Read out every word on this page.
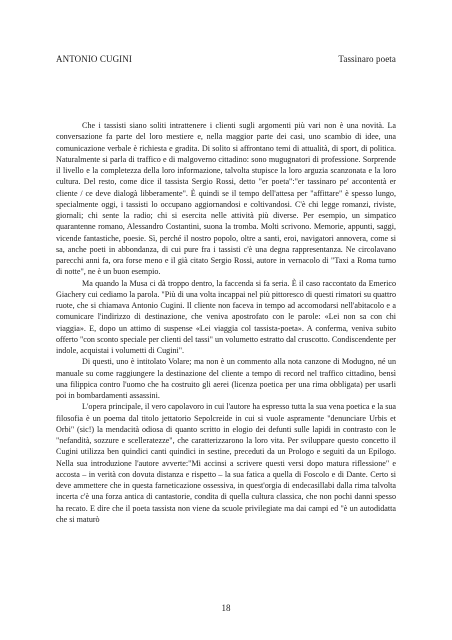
ANTONIO CUGINI	Tassinaro poeta

Che i tassisti siano soliti intrattenere i clienti sugli argomenti più vari non è una novità. La conversazione fa parte del loro mestiere e, nella maggior parte dei casi, uno scambio di idee, una comunicazione verbale è richiesta e gradita. Di solito si affrontano temi di attualità, di sport, di politica. Naturalmente si parla di traffico e di malgoverno cittadino: sono mugugnatori di professione. Sorprende il livello e la completezza della loro informazione, talvolta stupisce la loro arguzia scanzonata e la loro cultura. Del resto, come dice il tassista Sergio Rossi, detto "er poeta":"er tassinaro pe' accontentà er cliente / ce deve dialogà libberamente". È quindi se il tempo dell'attesa per "affittare" è spesso lungo, specialmente oggi, i tassisti lo occupano aggiornandosi e coltivandosi. C'è chi legge romanzi, riviste, giornali; chi sente la radio; chi si esercita nelle attività più diverse. Per esempio, un simpatico quarantenne romano, Alessandro Costantini, suona la tromba. Molti scrivono. Memorie, appunti, saggi, vicende fantastiche, poesie. Sì, perché il nostro popolo, oltre a santi, eroi, navigatori annovera, come si sa, anche poeti in abbondanza, di cui pure fra i tassisti c'è una degna rappresentanza. Ne circolavano parecchi anni fa, ora forse meno e il già citato Sergio Rossi, autore in vernacolo di "Taxi a Roma turno di notte", ne è un buon esempio.

Ma quando la Musa ci dà troppo dentro, la faccenda si fa seria. È il caso raccontato da Emerico Giachery cui cediamo la parola. "Più di una volta incappai nel più pittoresco di questi rimatori su quattro ruote, che si chiamava Antonio Cugini. Il cliente non faceva in tempo ad accomodarsi nell'abitacolo e a comunicare l'indirizzo di destinazione, che veniva apostrofato con le parole: «Lei non sa con chi viaggia». E, dopo un attimo di suspense «Lei viaggia col tassista-poeta». A conferma, veniva subito offerto "con sconto speciale per clienti del tassi" un volumetto estratto dal cruscotto. Condiscendente per indole, acquistai i volumetti di Cugini".

Di questi, uno è intitolato Volare; ma non è un commento alla nota canzone di Modugno, né un manuale su come raggiungere la destinazione del cliente a tempo di record nel traffico cittadino, bensì una filippica contro l'uomo che ha costruito gli aerei (licenza poetica per una rima obbligata) per usarli poi in bombardamenti assassini.

L'opera principale, il vero capolavoro in cui l'autore ha espresso tutta la sua vena poetica e la sua filosofia è un poema dal titolo jettatorio Sepolcreide in cui si vuole aspramente "denunciare Urbis et Orbi" (sic!) la mendacità odiosa di quanto scritto in elogio dei defunti sulle lapidi in contrasto con le "nefandità, sozzure e scelleratezze", che caratterizzarono la loro vita. Per sviluppare questo concetto il Cugini utilizza ben quindici canti quindici in sestine, preceduti da un Prologo e seguiti da un Epilogo. Nella sua introduzione l'autore avverte:"Mi accinsi a scrivere questi versi dopo matura riflessione" e accosta – in verità con dovuta distanza e rispetto – la sua fatica a quella di Foscolo e di Dante. Certo si deve ammettere che in questa farneticazione ossessiva, in quest'orgia di endecasillabi dalla rima talvolta incerta c'è una forza antica di cantastorie, condita di quella cultura classica, che non pochi danni spesso ha recato. E dire che il poeta tassista non viene da scuole privilegiate ma dai campi ed "è un autodidatta che si maturò

18
